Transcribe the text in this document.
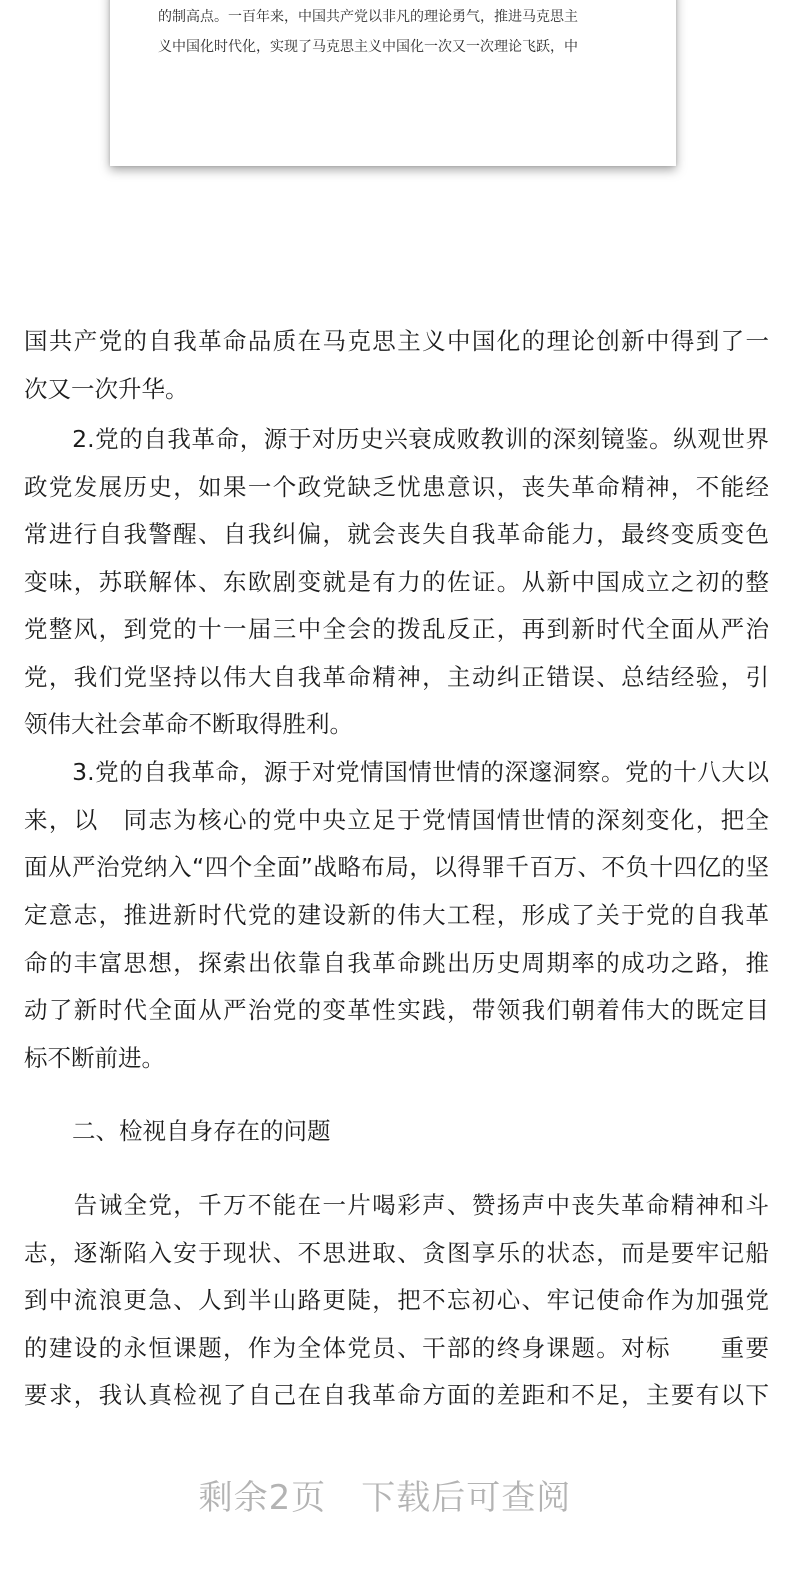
的制高点。一百年来，中国共产党以非凡的理论勇气，推进马克思主
义中国化时代化，实现了马克思主义中国化一次又一次理论飞跃，中
国共产党的自我革命品质在马克思主义中国化的理论创新中得到了一
次又一次升华。
　　2.党的自我革命，源于对历史兴衰成败教训的深刻镜鉴。纵观世界
政党发展历史，如果一个政党缺乏忧患意识，丧失革命精神，不能经
常进行自我警醒、自我纠偏，就会丧失自我革命能力，最终变质变色
变味，苏联解体、东欧剧变就是有力的佐证。从新中国成立之初的整
党整风，到党的十一届三中全会的拨乱反正，再到新时代全面从严治
党，我们党坚持以伟大自我革命精神，主动纠正错误、总结经验，引
领伟大社会革命不断取得胜利。
　　3.党的自我革命，源于对党情国情世情的深邃洞察。党的十八大以
来，以　同志为核心的党中央立足于党情国情世情的深刻变化，把全
面从严治党纳入“四个全面”战略布局，以得罪千百万、不负十四亿的坚
定意志，推进新时代党的建设新的伟大工程，形成了关于党的自我革
命的丰富思想，探索出依靠自我革命跳出历史周期率的成功之路，推
动了新时代全面从严治党的变革性实践，带领我们朝着伟大的既定目
标不断前进。
二、检视自身存在的问题
　　告诫全党，千万不能在一片喝彩声、赞扬声中丧失革命精神和斗
志，逐渐陷入安于现状、不思进取、贪图享乐的状态，而是要牢记船
到中流浪更急、人到半山路更陡，把不忘初心、牢记使命作为加强党
的建设的永恒课题，作为全体党员、干部的终身课题。对标　　重要
要求，我认真检视了自己在自我革命方面的差距和不足，主要有以下
剩余2页　下载后可查阅
